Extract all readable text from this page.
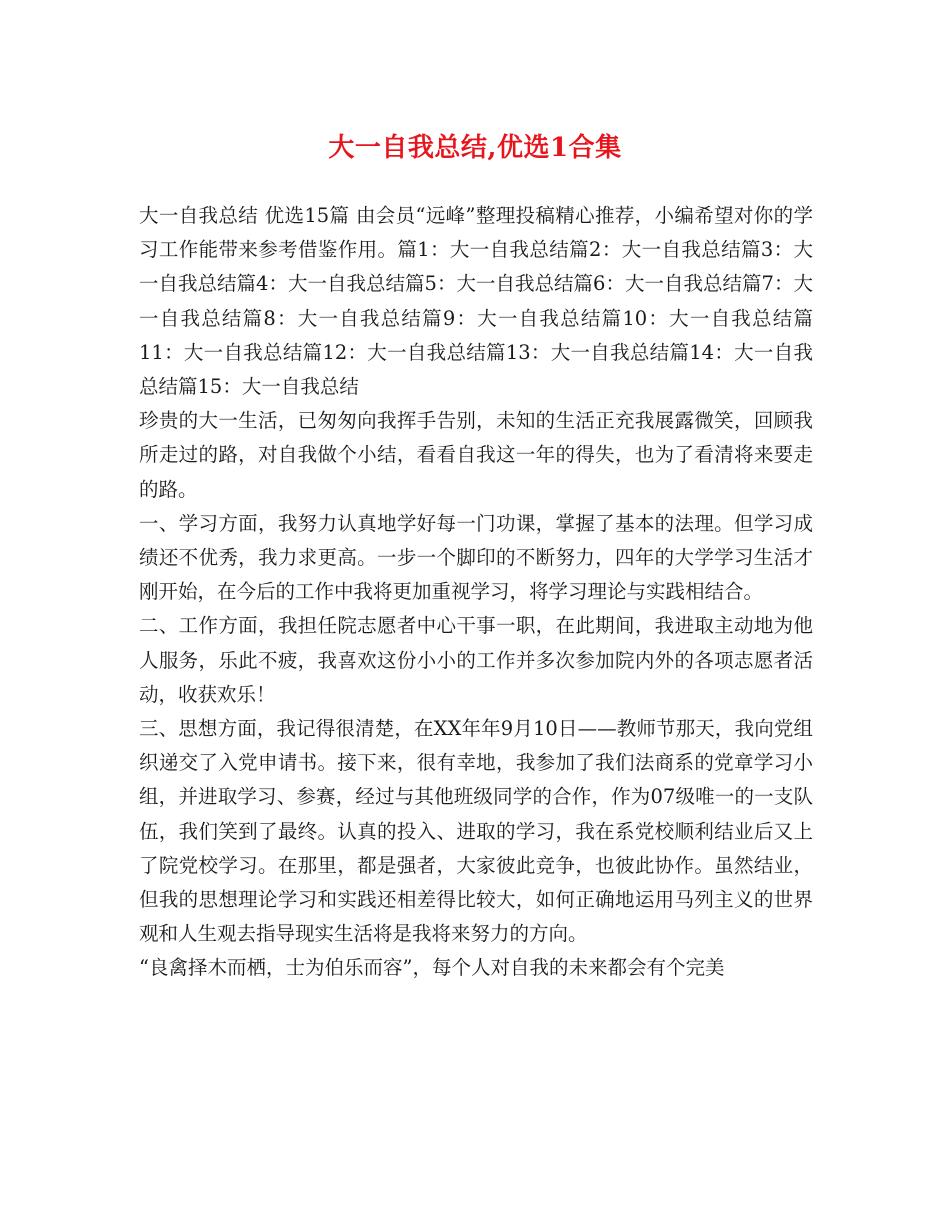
大一自我总结,优选1合集

大一自我总结 优选15篇 由会员“远峰”整理投稿精心推荐，小编希望对你的学习工作能带来参考借鉴作用。篇1：大一自我总结篇2：大一自我总结篇3：大一自我总结篇4：大一自我总结篇5：大一自我总结篇6：大一自我总结篇7：大一自我总结篇8：大一自我总结篇9：大一自我总结篇10：大一自我总结篇11：大一自我总结篇12：大一自我总结篇13：大一自我总结篇14：大一自我总结篇15：大一自我总结

珍贵的大一生活，已匆匆向我挥手告别，未知的生活正充我展露微笑，回顾我所走过的路，对自我做个小结，看看自我这一年的得失，也为了看清将来要走的路。

一、学习方面，我努力认真地学好每一门功课，掌握了基本的法理。但学习成绩还不优秀，我力求更高。一步一个脚印的不断努力，四年的大学学习生活才刚开始，在今后的工作中我将更加重视学习，将学习理论与实践相结合。

二、工作方面，我担任院志愿者中心干事一职，在此期间，我进取主动地为他人服务，乐此不疲，我喜欢这份小小的工作并多次参加院内外的各项志愿者活动，收获欢乐！

三、思想方面，我记得很清楚，在XX年年9月10日——教师节那天，我向党组织递交了入党申请书。接下来，很有幸地，我参加了我们法商系的党章学习小组，并进取学习、参赛，经过与其他班级同学的合作，作为07级唯一的一支队伍，我们笑到了最终。认真的投入、进取的学习，我在系党校顺利结业后又上了院党校学习。在那里，都是强者，大家彼此竞争，也彼此协作。虽然结业，但我的思想理论学习和实践还相差得比较大，如何正确地运用马列主义的世界观和人生观去指导现实生活将是我将来努力的方向。

“良禽择木而栖，士为伯乐而容”，每个人对自我的未来都会有个完美
